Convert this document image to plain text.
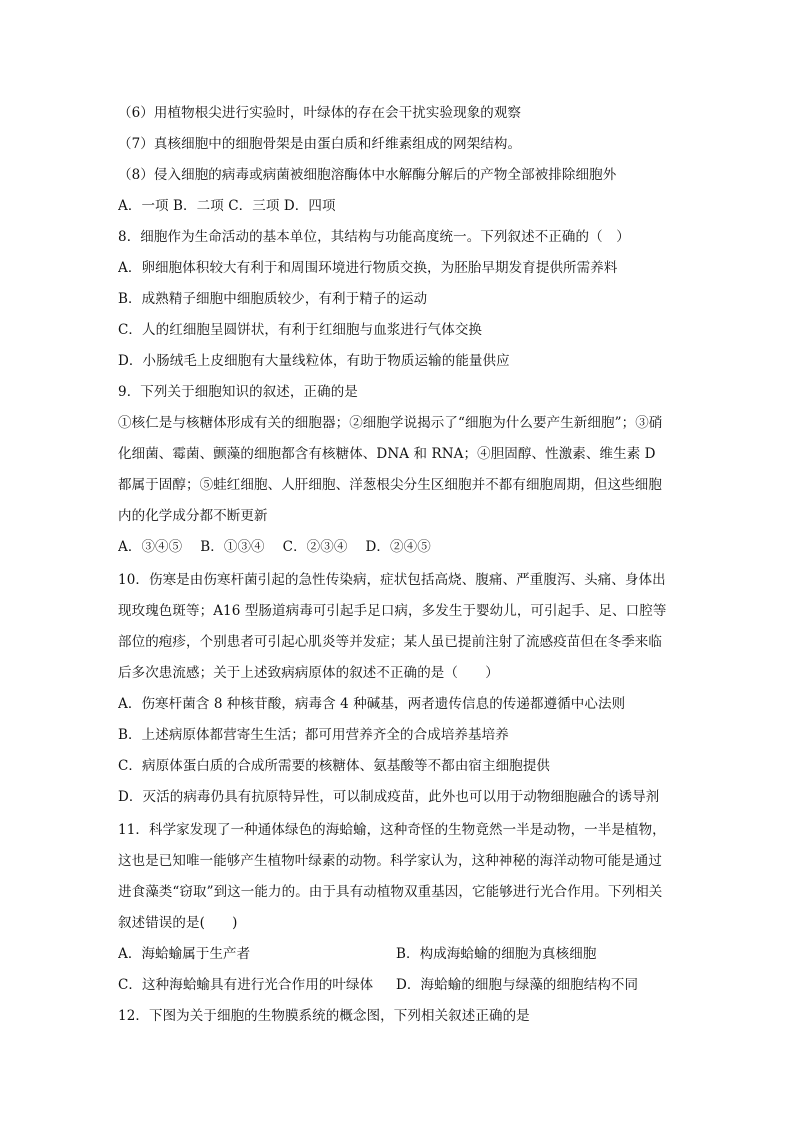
（6）用植物根尖进行实验时，叶绿体的存在会干扰实验现象的观察
（7）真核细胞中的细胞骨架是由蛋白质和纤维素组成的网架结构。
（8）侵入细胞的病毒或病菌被细胞溶酶体中水解酶分解后的产物全部被排除细胞外
A．一项 B．二项 C．三项 D．四项
8．细胞作为生命活动的基本单位，其结构与功能高度统一。下列叙述不正确的（　）
A．卵细胞体积较大有利于和周围环境进行物质交换，为胚胎早期发育提供所需养料
B．成熟精子细胞中细胞质较少，有利于精子的运动
C．人的红细胞呈圆饼状，有利于红细胞与血浆进行气体交换
D．小肠绒毛上皮细胞有大量线粒体，有助于物质运输的能量供应
9．下列关于细胞知识的叙述，正确的是
①核仁是与核糖体形成有关的细胞器；②细胞学说揭示了“细胞为什么要产生新细胞”；③硝
化细菌、霉菌、颤藻的细胞都含有核糖体、DNA 和 RNA；④胆固醇、性激素、维生素 D
都属于固醇；⑤蛙红细胞、人肝细胞、洋葱根尖分生区细胞并不都有细胞周期，但这些细胞
内的化学成分都不断更新
A．③④⑤　 B．①③④　 C．②③④　 D．②④⑤
10．伤寒是由伤寒杆菌引起的急性传染病，症状包括高烧、腹痛、严重腹泻、头痛、身体出
现玫瑰色斑等；A16 型肠道病毒可引起手足口病，多发生于婴幼儿，可引起手、足、口腔等
部位的疱疹，个别患者可引起心肌炎等并发症；某人虽已提前注射了流感疫苗但在冬季来临
后多次患流感；关于上述致病病原体的叙述不正确的是（　　）
A．伤寒杆菌含 8 种核苷酸，病毒含 4 种碱基，两者遗传信息的传递都遵循中心法则
B．上述病原体都营寄生生活；都可用营养齐全的合成培养基培养
C．病原体蛋白质的合成所需要的核糖体、氨基酸等不都由宿主细胞提供
D．灭活的病毒仍具有抗原特异性，可以制成疫苗，此外也可以用于动物细胞融合的诱导剂
11．科学家发现了一种通体绿色的海蛤蝓，这种奇怪的生物竟然一半是动物，一半是植物，
这也是已知唯一能够产生植物叶绿素的动物。科学家认为，这种神秘的海洋动物可能是通过
进食藻类“窃取”到这一能力的。由于具有动植物双重基因，它能够进行光合作用。下列相关
叙述错误的是(　　)
A．海蛤蝓属于生产者	B．构成海蛤蝓的细胞为真核细胞
C．这种海蛤蝓具有进行光合作用的叶绿体 D．海蛤蝓的细胞与绿藻的细胞结构不同
12．下图为关于细胞的生物膜系统的概念图，下列相关叙述正确的是
